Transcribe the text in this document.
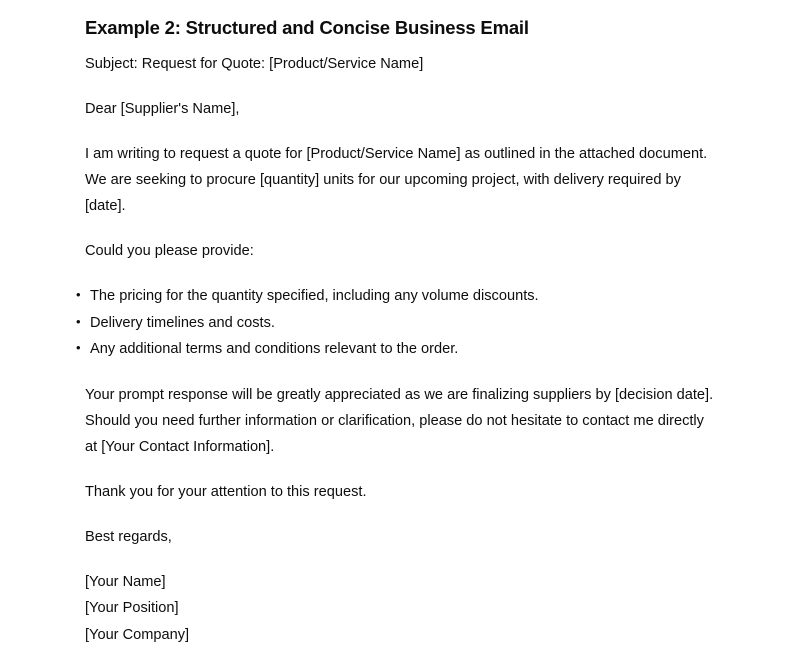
Example 2: Structured and Concise Business Email

Subject: Request for Quote: [Product/Service Name]

Dear [Supplier's Name],

I am writing to request a quote for [Product/Service Name] as outlined in the attached document.
We are seeking to procure [quantity] units for our upcoming project, with delivery required by
[date].

Could you please provide:

• The pricing for the quantity specified, including any volume discounts.
• Delivery timelines and costs.
• Any additional terms and conditions relevant to the order.

Your prompt response will be greatly appreciated as we are finalizing suppliers by [decision date].
Should you need further information or clarification, please do not hesitate to contact me directly
at [Your Contact Information].

Thank you for your attention to this request.

Best regards,

[Your Name]
[Your Position]
[Your Company]
